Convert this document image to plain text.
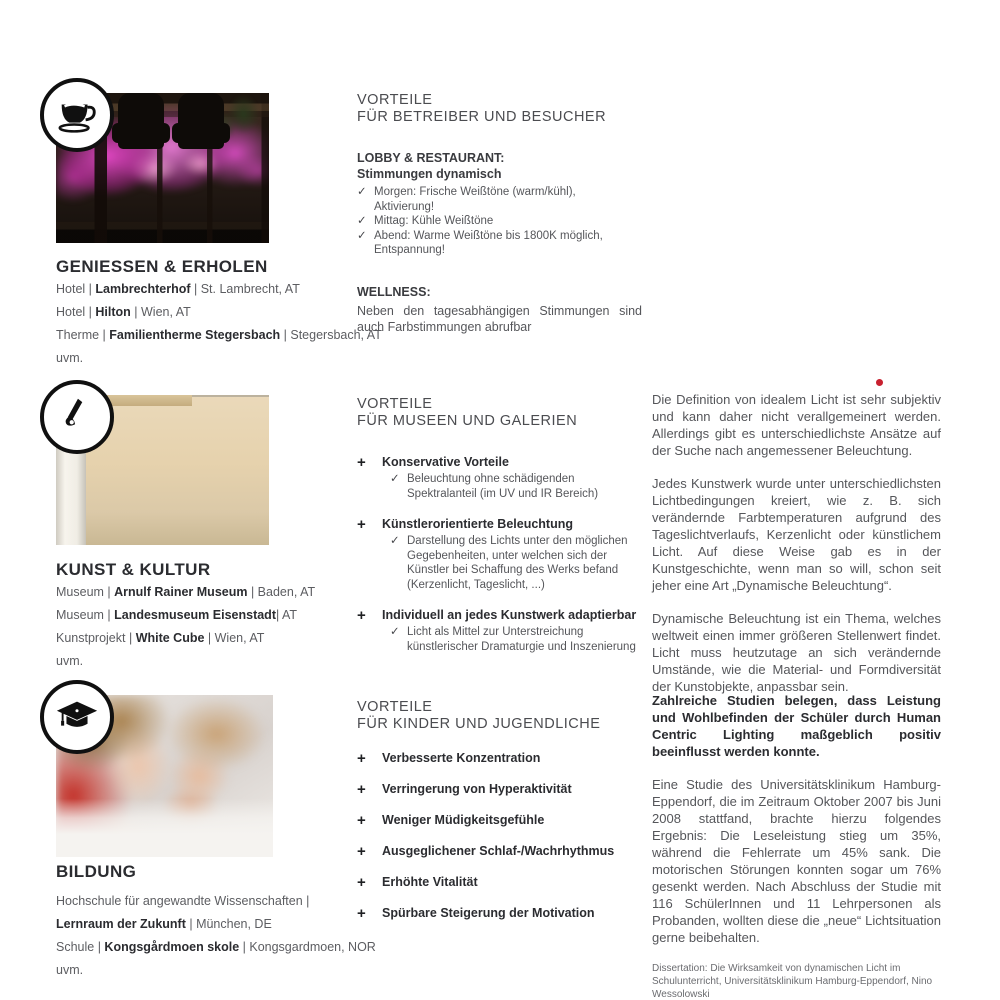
GENIESSEN & ERHOLEN
Hotel | Lambrechterhof | St. Lambrecht, AT
Hotel | Hilton | Wien, AT
Therme | Familientherme Stegersbach | Stegersbach, AT
uvm.
VORTEILE
FÜR BETREIBER UND BESUCHER
LOBBY & RESTAURANT:
Stimmungen dynamisch
✓ Morgen: Frische Weißtöne (warm/kühl), Aktivierung!
✓ Mittag: Kühle Weißtöne
✓ Abend: Warme Weißtöne bis 1800K möglich, Entspannung!
WELLNESS:
Neben den tagesabhängigen Stimmungen sind auch Farbstimmungen abrufbar
KUNST & KULTUR
Museum | Arnulf Rainer Museum | Baden, AT
Museum | Landesmuseum Eisenstadt| AT
Kunstprojekt | White Cube | Wien, AT
uvm.
VORTEILE
FÜR MUSEEN UND GALERIEN
+	Konservative Vorteile
✓ Beleuchtung ohne schädigenden Spektralanteil (im UV und IR Bereich)
+	Künstlerorientierte Beleuchtung
✓ Darstellung des Lichts unter den möglichen Gegebenheiten, unter welchen sich der Künstler bei Schaffung des Werks befand (Kerzenlicht, Tageslicht, ...)
+	Individuell an jedes Kunstwerk adaptierbar
✓ Licht als Mittel zur Unterstreichung künstlerischer Dramaturgie und Inszenierung

Die Definition von idealem Licht ist sehr subjektiv und kann daher nicht verallgemeinert werden. Allerdings gibt es unterschiedlichste Ansätze auf der Suche nach angemessener Beleuchtung.

Jedes Kunstwerk wurde unter unterschiedlichsten Lichtbedingungen kreiert, wie z. B. sich verändernde Farbtemperaturen aufgrund des Tageslichtverlaufs, Kerzenlicht oder künstlichem Licht. Auf diese Weise gab es in der Kunstgeschichte, wenn man so will, schon seit jeher eine Art „Dynamische Beleuchtung“.

Dynamische Beleuchtung ist ein Thema, welches weltweit einen immer größeren Stellenwert findet. Licht muss heutzutage an sich verändernde Umstände, wie die Material- und Formdiversität der Kunstobjekte, anpassbar sein.

BILDUNG
Hochschule für angewandte Wissenschaften |
Lernraum der Zukunft | München, DE
Schule | Kongsgårdmoen skole | Kongsgardmoen, NOR
uvm.
VORTEILE
FÜR KINDER UND JUGENDLICHE
+	Verbesserte Konzentration
+	Verringerung von Hyperaktivität
+	Weniger Müdigkeitsgefühle
+	Ausgeglichener Schlaf-/Wachrhythmus
+	Erhöhte Vitalität
+	Spürbare Steigerung der Motivation

Zahlreiche Studien belegen, dass Leistung und Wohlbefinden der Schüler durch Human Centric Lighting maßgeblich positiv beeinflusst werden konnte.

Eine Studie des Universitätsklinikum Hamburg-Eppendorf, die im Zeitraum Oktober 2007 bis Juni 2008 stattfand, brachte hierzu folgendes Ergebnis: Die Leseleistung stieg um 35%, während die Fehlerrate um 45% sank. Die motorischen Störungen konnten sogar um 76% gesenkt werden. Nach Abschluss der Studie mit 116 SchülerInnen und 11 Lehrpersonen als Probanden, wollten diese die „neue“ Lichtsituation gerne beibehalten.

Dissertation: Die Wirksamkeit von dynamischen Licht im Schulunterricht, Universitätsklinikum Hamburg-Eppendorf, Nino Wessolowski
